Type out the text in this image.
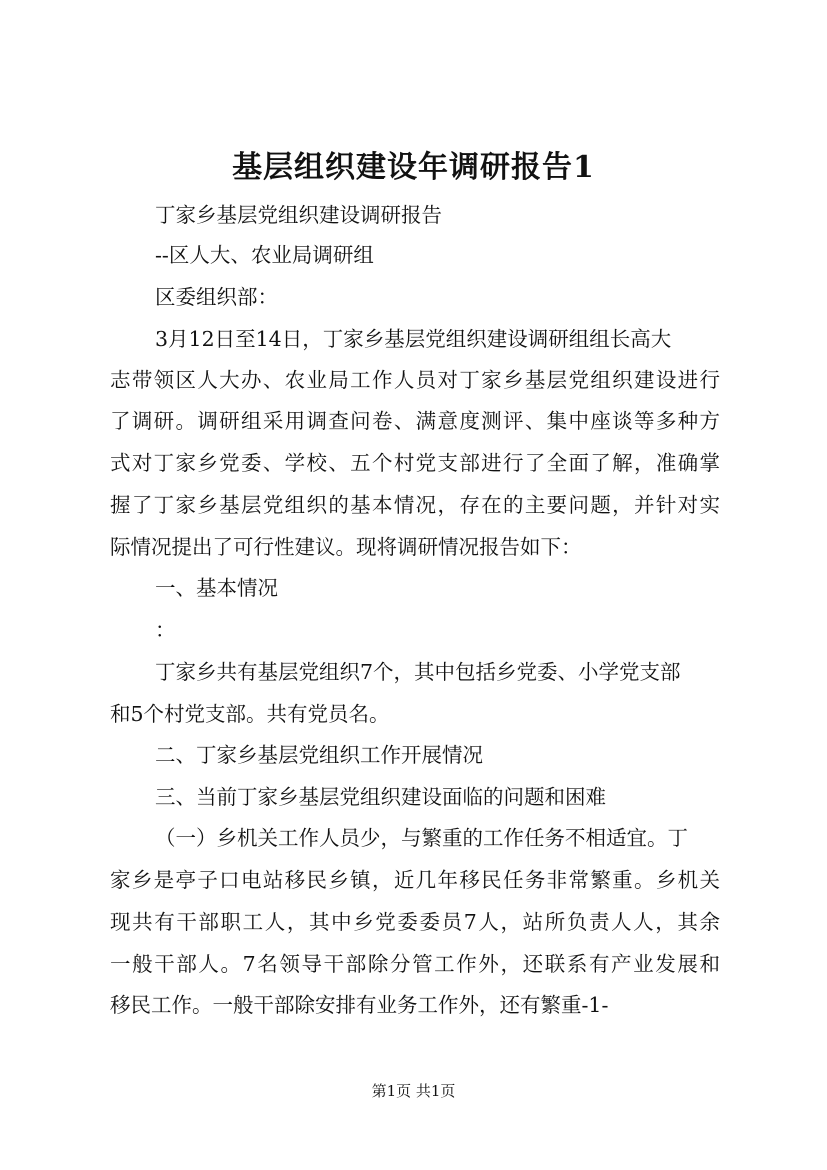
基层组织建设年调研报告1
丁家乡基层党组织建设调研报告
--区人大、农业局调研组
区委组织部：
3月12日至14日，丁家乡基层党组织建设调研组组长高大
志带领区人大办、农业局工作人员对丁家乡基层党组织建设进行
了调研。调研组采用调查问卷、满意度测评、集中座谈等多种方
式对丁家乡党委、学校、五个村党支部进行了全面了解，准确掌
握了丁家乡基层党组织的基本情况，存在的主要问题，并针对实
际情况提出了可行性建议。现将调研情况报告如下：
一、基本情况
：
丁家乡共有基层党组织7个，其中包括乡党委、小学党支部
和5个村党支部。共有党员名。
二、丁家乡基层党组织工作开展情况
三、当前丁家乡基层党组织建设面临的问题和困难
（一）乡机关工作人员少，与繁重的工作任务不相适宜。丁
家乡是亭子口电站移民乡镇，近几年移民任务非常繁重。乡机关
现共有干部职工人，其中乡党委委员7人，站所负责人人，其余
一般干部人。7名领导干部除分管工作外，还联系有产业发展和
移民工作。一般干部除安排有业务工作外，还有繁重-1-
第1页 共1页
